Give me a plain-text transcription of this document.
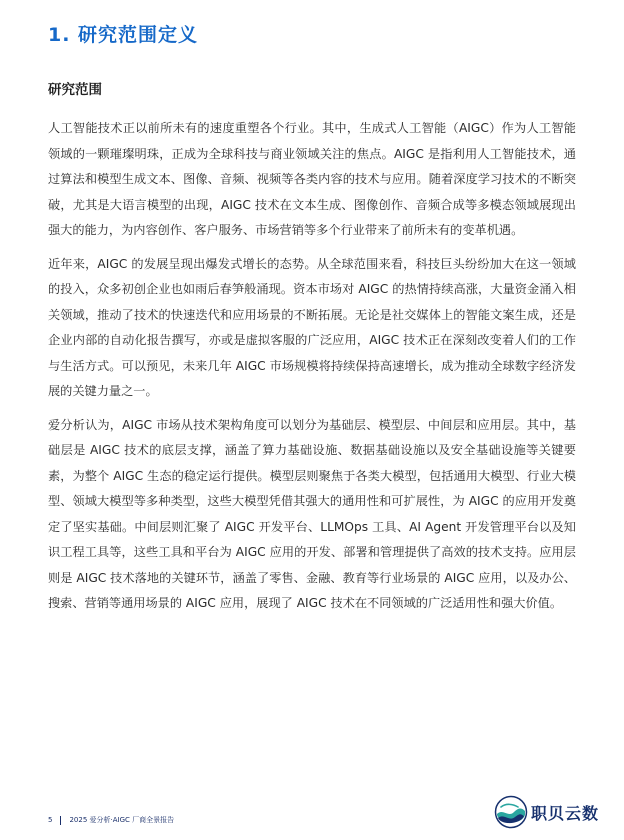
1. 研究范围定义
研究范围

人工智能技术正以前所未有的速度重塑各个行业。其中，生成式人工智能（AIGC）作为人工智能领域的一颗璀璨明珠，正成为全球科技与商业领域关注的焦点。AIGC 是指利用人工智能技术，通过算法和模型生成文本、图像、音频、视频等各类内容的技术与应用。随着深度学习技术的不断突破，尤其是大语言模型的出现，AIGC 技术在文本生成、图像创作、音频合成等多模态领域展现出强大的能力，为内容创作、客户服务、市场营销等多个行业带来了前所未有的变革机遇。

近年来，AIGC 的发展呈现出爆发式增长的态势。从全球范围来看，科技巨头纷纷加大在这一领域的投入，众多初创企业也如雨后春笋般涌现。资本市场对 AIGC 的热情持续高涨，大量资金涌入相关领域，推动了技术的快速迭代和应用场景的不断拓展。无论是社交媒体上的智能文案生成，还是企业内部的自动化报告撰写，亦或是虚拟客服的广泛应用，AIGC 技术正在深刻改变着人们的工作与生活方式。可以预见，未来几年 AIGC 市场规模将持续保持高速增长，成为推动全球数字经济发展的关键力量之一。

爱分析认为，AIGC 市场从技术架构角度可以划分为基础层、模型层、中间层和应用层。其中，基础层是 AIGC 技术的底层支撑，涵盖了算力基础设施、数据基础设施以及安全基础设施等关键要素，为整个 AIGC 生态的稳定运行提供。模型层则聚焦于各类大模型，包括通用大模型、行业大模型、领域大模型等多种类型，这些大模型凭借其强大的通用性和可扩展性，为 AIGC 的应用开发奠定了坚实基础。中间层则汇聚了 AIGC 开发平台、LLMOps 工具、AI Agent 开发管理平台以及知识工程工具等，这些工具和平台为 AIGC 应用的开发、部署和管理提供了高效的技术支持。应用层则是 AIGC 技术落地的关键环节，涵盖了零售、金融、教育等行业场景的 AIGC 应用，以及办公、搜索、营销等通用场景的 AIGC 应用，展现了 AIGC 技术在不同领域的广泛适用性和强大价值。

5 2025 爱分析·AIGC 厂商全景报告	职贝云数
